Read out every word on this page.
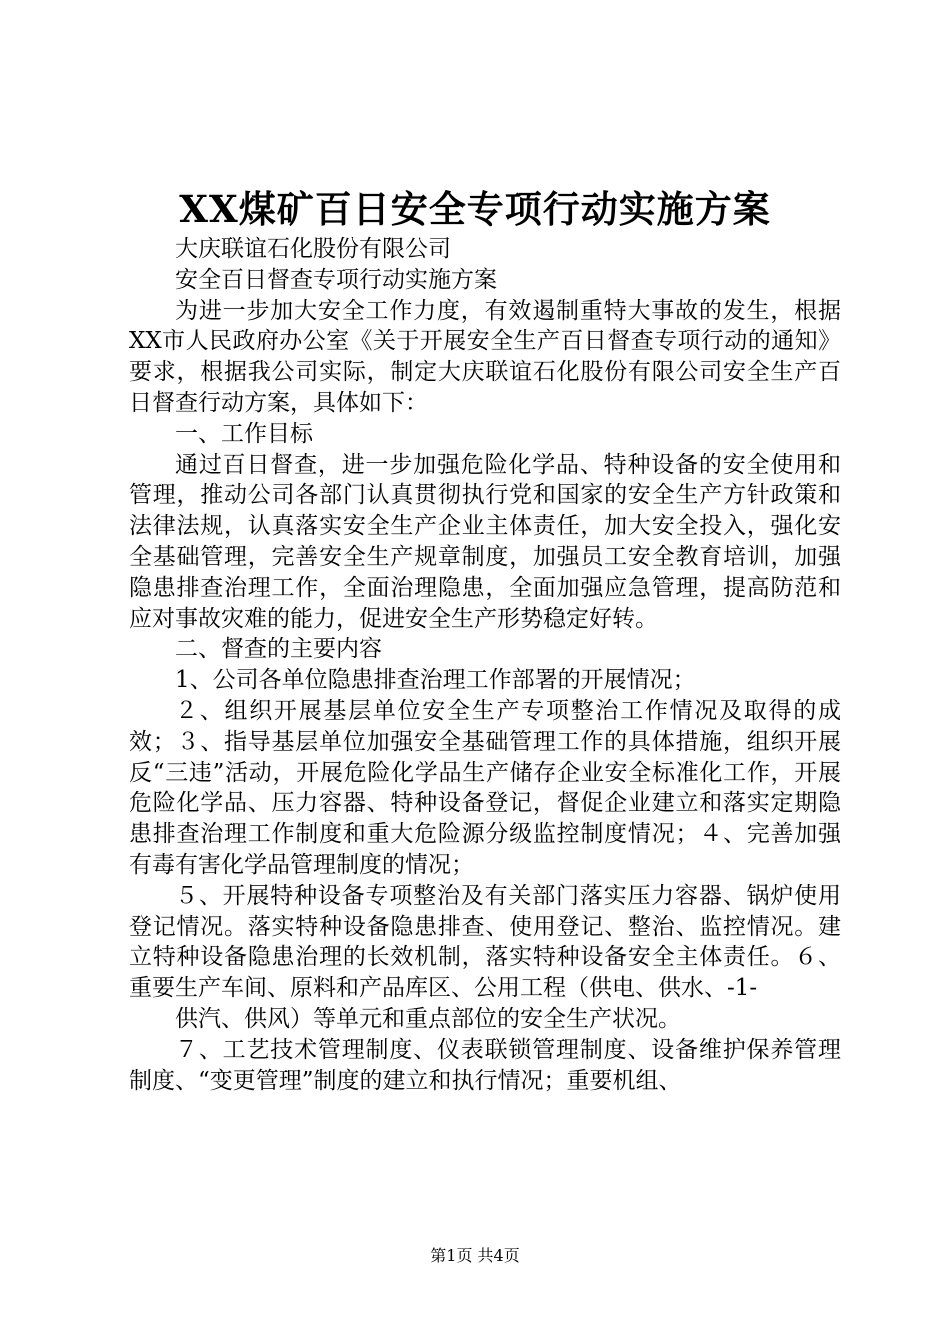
XX煤矿百日安全专项行动实施方案

大庆联谊石化股份有限公司

安全百日督查专项行动实施方案

为进一步加大安全工作力度，有效遏制重特大事故的发生，根据XX市人民政府办公室《关于开展安全生产百日督查专项行动的通知》要求，根据我公司实际，制定大庆联谊石化股份有限公司安全生产百日督查行动方案，具体如下：

一、工作目标

通过百日督查，进一步加强危险化学品、特种设备的安全使用和管理，推动公司各部门认真贯彻执行党和国家的安全生产方针政策和法律法规，认真落实安全生产企业主体责任，加大安全投入，强化安全基础管理，完善安全生产规章制度，加强员工安全教育培训，加强隐患排查治理工作，全面治理隐患，全面加强应急管理，提高防范和应对事故灾难的能力，促进安全生产形势稳定好转。

二、督查的主要内容

1、公司各单位隐患排查治理工作部署的开展情况；

２、组织开展基层单位安全生产专项整治工作情况及取得的成效；３、指导基层单位加强安全基础管理工作的具体措施，组织开展反“三违”活动，开展危险化学品生产储存企业安全标准化工作，开展危险化学品、压力容器、特种设备登记，督促企业建立和落实定期隐患排查治理工作制度和重大危险源分级监控制度情况；４、完善加强有毒有害化学品管理制度的情况；

５、开展特种设备专项整治及有关部门落实压力容器、锅炉使用登记情况。落实特种设备隐患排查、使用登记、整治、监控情况。建立特种设备隐患治理的长效机制，落实特种设备安全主体责任。６、重要生产车间、原料和产品库区、公用工程（供电、供水、-1-

供汽、供风）等单元和重点部位的安全生产状况。

７、工艺技术管理制度、仪表联锁管理制度、设备维护保养管理制度、“变更管理”制度的建立和执行情况；重要机组、

第1页 共4页
